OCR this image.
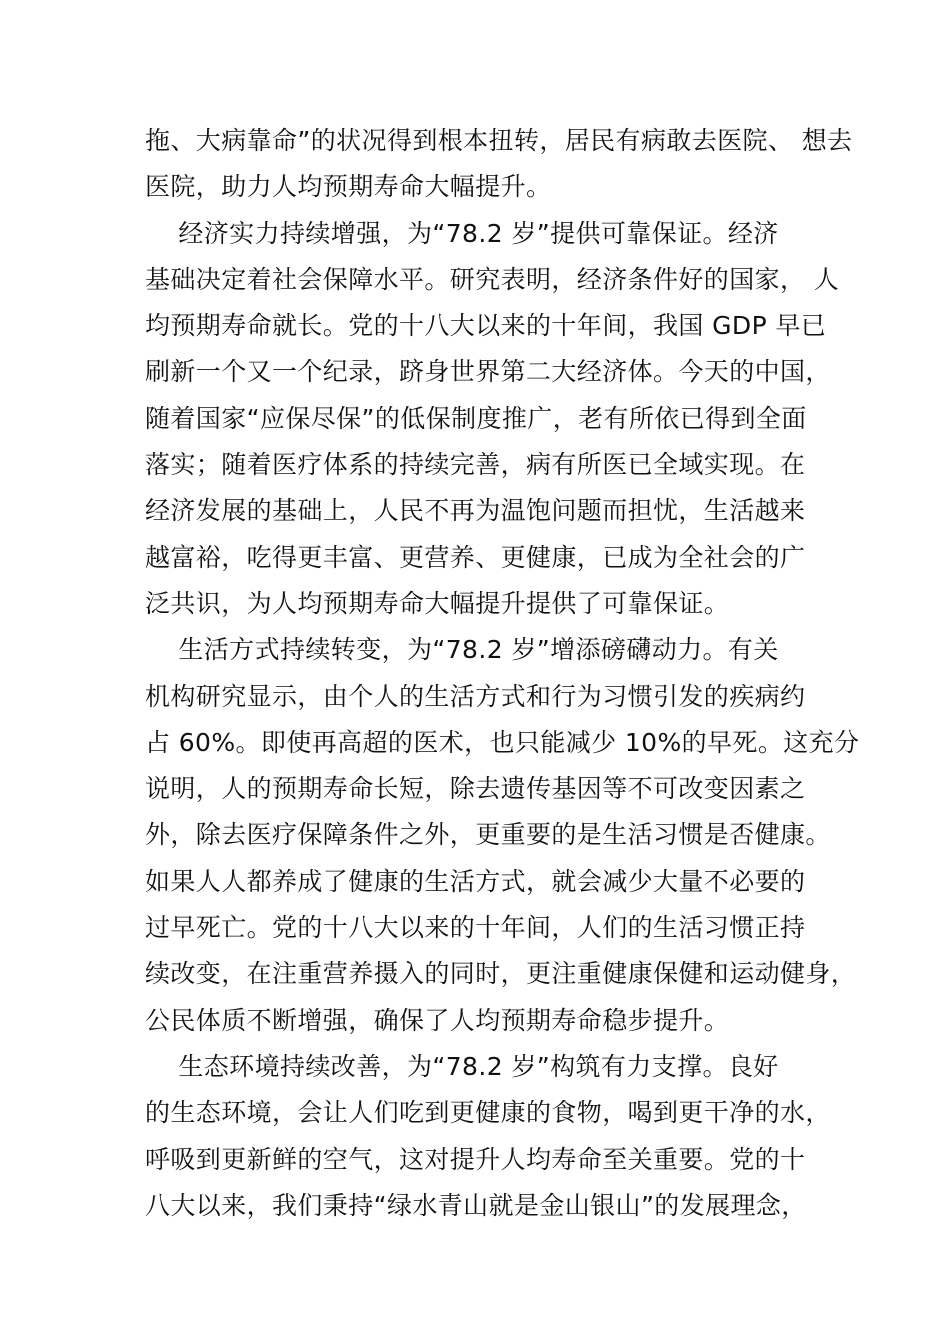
拖、大病靠命”的状况得到根本扭转，居民有病敢去医院、 想去
医院，助力人均预期寿命大幅提升。
经济实力持续增强，为“78.2 岁”提供可靠保证。经济
基础决定着社会保障水平。研究表明，经济条件好的国家， 人
均预期寿命就长。党的十八大以来的十年间，我国 GDP 早已
刷新一个又一个纪录，跻身世界第二大经济体。今天的中国，
随着国家“应保尽保”的低保制度推广，老有所依已得到全面
落实；随着医疗体系的持续完善，病有所医已全域实现。在
经济发展的基础上，人民不再为温饱问题而担忧，生活越来
越富裕，吃得更丰富、更营养、更健康，已成为全社会的广
泛共识，为人均预期寿命大幅提升提供了可靠保证。
生活方式持续转变，为“78.2 岁”增添磅礴动力。有关
机构研究显示，由个人的生活方式和行为习惯引发的疾病约
占 60%。即使再高超的医术，也只能减少 10%的早死。这充分
说明，人的预期寿命长短，除去遗传基因等不可改变因素之
外，除去医疗保障条件之外，更重要的是生活习惯是否健康。
如果人人都养成了健康的生活方式，就会减少大量不必要的
过早死亡。党的十八大以来的十年间，人们的生活习惯正持
续改变，在注重营养摄入的同时，更注重健康保健和运动健身，
公民体质不断增强，确保了人均预期寿命稳步提升。
生态环境持续改善，为“78.2 岁”构筑有力支撑。良好
的生态环境，会让人们吃到更健康的食物，喝到更干净的水，
呼吸到更新鲜的空气，这对提升人均寿命至关重要。党的十
八大以来，我们秉持“绿水青山就是金山银山”的发展理念，
